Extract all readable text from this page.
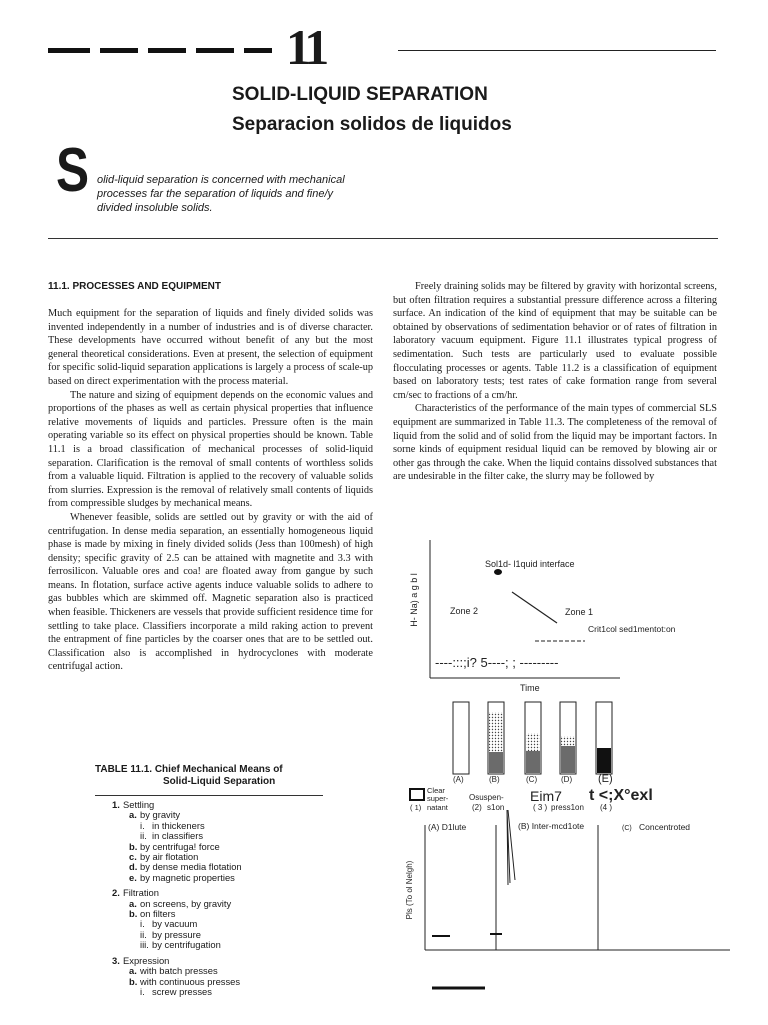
11
SOLID-LIQUID SEPARATION
Separacion solidos de liquidos
S olid-liquid separation is concerned with mechanical processes far the separation of liquids and fine/y divided insoluble solids.
11.1. PROCESSES AND EQUIPMENT

Much equipment for the separation of liquids and finely divided solids was invented independently in a number of industries and is of diverse character. These developments have occurred without benefit of any but the most general theoretical considerations. Even at present, the selection of equipment for specific solid-liquid separation applications is largely a process of scale-up based on direct experimentation with the process material.

The nature and sizing of equipment depends on the economic values and proportions of the phases as well as certain physical properties that influence relative movements of liquids and particles. Pressure often is the main operating variable so its effect on physical properties should be known. Table 11.1 is a broad classification of mechanical processes of solid-liquid separation. Clarification is the removal of small contents of worthless solids from a valuable liquid. Filtration is applied to the recovery of valuable solids from slurries. Expression is the removal of relatively small contents of liquids from compressible sludges by mechanical means.

Whenever feasible, solids are settled out by gravity or with the aid of centrifugation. In dense media separation, an essentially homogeneous liquid phase is made by mixing in finely divided solids (Jess than 100mesh) of high density; specific gravity of 2.5 can be attained with magnetite and 3.3 with ferrosilicon. Valuable ores and coa! are floated away from gangue by such means. In flotation, surface active agents induce valuable solids to adhere to gas bubbles which are skimmed off. Magnetic separation also is practiced when feasible. Thickeners are vessels that provide sufficient residence time for settling to take place. Classifiers incorporate a mild raking action to prevent the entrapment of fine particles by the coarser ones that are to be settled out. Classification also is accomplished in hydrocyclones with moderate centrifugal action.

Freely draining solids may be filtered by gravity with horizontal screens, but often filtration requires a substantial pressure difference across a filtering surface. An indication of the kind of equipment that may be suitable can be obtained by observations of sedimentation behavior or of rates of filtration in laboratory vacuum equipment. Figure 11.1 illustrates typical progress of sedimentation. Such tests are particularly used to evaluate possible flocculating processes or agents. Table 11.2 is a classification of equipment based on laboratory tests; test rates of cake formation range from several cm/sec to fractions of a cm/hr.

Characteristics of the performance of the main types of commercial SLS equipment are summarized in Table 11.3. The completeness of the removal of liquid from the solid and of solid from the liquid may be important factors. In sorne kinds of equipment residual liquid can be removed by blowing air or other gas through the cake. When the liquid contains dissolved substances that are undesirable in the filter cake, the slurry may be followed by

TABLE 11.1. Chief Mechanical Means of
Solid-Liquid Separation
1. Settling
a. by gravity
i. in thickeners
ii. in classifiers
b. by centrifuga! force
c. by air flotation
d. by dense media flotation
e. by magnetic properties
2. Filtration
a. on screens, by gravity
b. on filters
i. by vacuum
ii. by pressure
iii. by centrifugation
3. Expression
a. with batch presses
b. with continuous presses
i. screw presses
H- Na) a g b l
Sol1d- l1quid interface
Zone 2	Zone 1
Crit1col sed1mentot:on
----:::;i? 5----; ; ---------
Time
(A)	(B)	(C)	(D) (E)
Clear
super-
( 1) natant
Osuspen-
(2) s1on
Eim7
( 3 ) press1on
t <;X°exl
(4 )
Pls (To ol Nelgh)
(A) D1lute	(B) Inter-mcd1ote	(C) Concentroted
